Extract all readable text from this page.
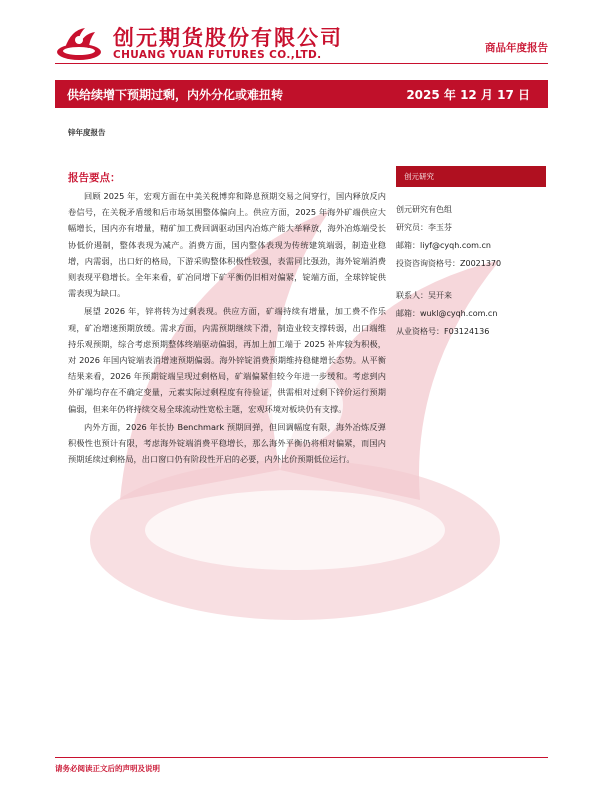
创元期货股份有限公司
CHUANG YUAN FUTURES CO.,LTD.
商品年度报告
供给续增下预期过剩，内外分化或难扭转	2025 年 12 月 17 日
锌年度报告
报告要点：

回顾 2025 年，宏观方面在中美关税博弈和降息预期交易之间穿行，国内释放反内卷信号，在关税矛盾缓和后市场氛围整体偏向上。供应方面，2025 年海外矿端供应大幅增长，国内亦有增量，精矿加工费回调驱动国内冶炼产能大举释放，海外冶炼端受长协低价遏制，整体表现为减产。消费方面，国内整体表现为传统建筑端弱，制造业稳增，内需弱，出口好的格局，下游采购整体积极性较强，表需同比强劲，海外锭端消费则表现平稳增长。全年来看，矿冶同增下矿平衡仍旧相对偏紧，锭端方面，全球锌锭供需表现为缺口。

展望 2026 年，锌将转为过剩表现。供应方面，矿端持续有增量，加工费不作乐观，矿冶增速预期放缓。需求方面，内需预期继续下滑，制造业较支撑转弱，出口端维持乐观预期，综合考虑预期整体终端驱动偏弱，再加上加工端于 2025 补库较为积极，对 2026 年国内锭端表消增速预期偏弱。海外锌锭消费预期维持稳健增长态势。从平衡结果来看，2026 年预期锭端呈现过剩格局，矿端偏紧但较今年进一步缓和。考虑到内外矿端均存在不确定变量，元素实际过剩程度有待验证，供需相对过剩下锌价运行预期偏弱，但来年仍将持续交易全球流动性宽松主题，宏观环境对板块仍有支撑。

内外方面，2026 年长协 Benchmark 预期回弹，但回调幅度有限，海外冶炼反弹积极性也预计有限，考虑海外锭端消费平稳增长，那么海外平衡仍将相对偏紧，而国内预期延续过剩格局，出口窗口仍有阶段性开启的必要，内外比价预期低位运行。

创元研究
创元研究有色组
研究员：李玉芬
邮箱：liyf@cyqh.com.cn
投资咨询资格号：Z0021370
联系人：吴开来
邮箱：wukl@cyqh.com.cn
从业资格号：F03124136
请务必阅读正文后的声明及说明
